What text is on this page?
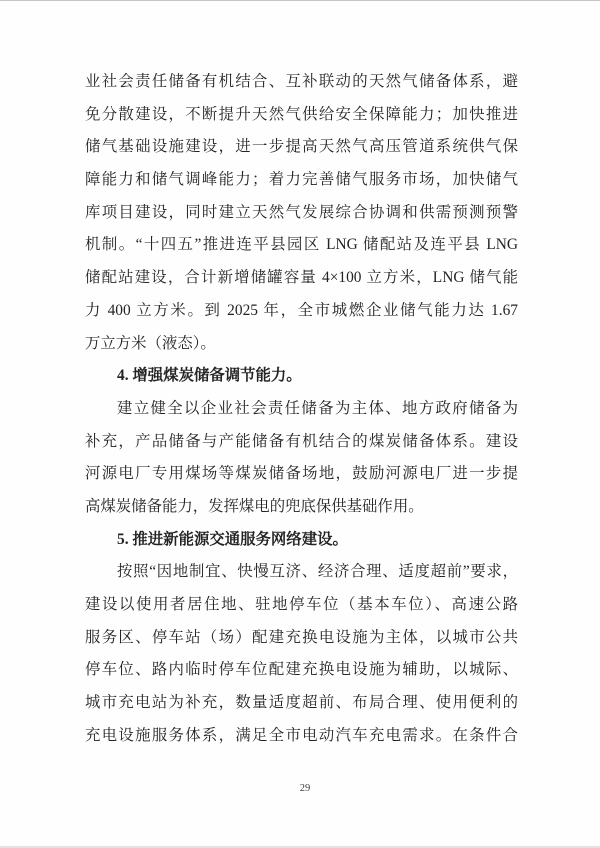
业社会责任储备有机结合、互补联动的天然气储备体系，避
免分散建设，不断提升天然气供给安全保障能力；加快推进
储气基础设施建设，进一步提高天然气高压管道系统供气保
障能力和储气调峰能力；着力完善储气服务市场，加快储气
库项目建设，同时建立天然气发展综合协调和供需预测预警
机制。“十四五”推进连平县园区 LNG 储配站及连平县 LNG
储配站建设，合计新增储罐容量 4×100 立方米，LNG 储气能
力 400 立方米。到 2025 年，全市城燃企业储气能力达 1.67
万立方米（液态）。
4. 增强煤炭储备调节能力。
建立健全以企业社会责任储备为主体、地方政府储备为
补充，产品储备与产能储备有机结合的煤炭储备体系。建设
河源电厂专用煤场等煤炭储备场地，鼓励河源电厂进一步提
高煤炭储备能力，发挥煤电的兜底保供基础作用。
5. 推进新能源交通服务网络建设。
按照“因地制宜、快慢互济、经济合理、适度超前”要求，
建设以使用者居住地、驻地停车位（基本车位）、高速公路
服务区、停车站（场）配建充换电设施为主体，以城市公共
停车位、路内临时停车位配建充换电设施为辅助，以城际、
城市充电站为补充，数量适度超前、布局合理、使用便利的
充电设施服务体系，满足全市电动汽车充电需求。在条件合
29
